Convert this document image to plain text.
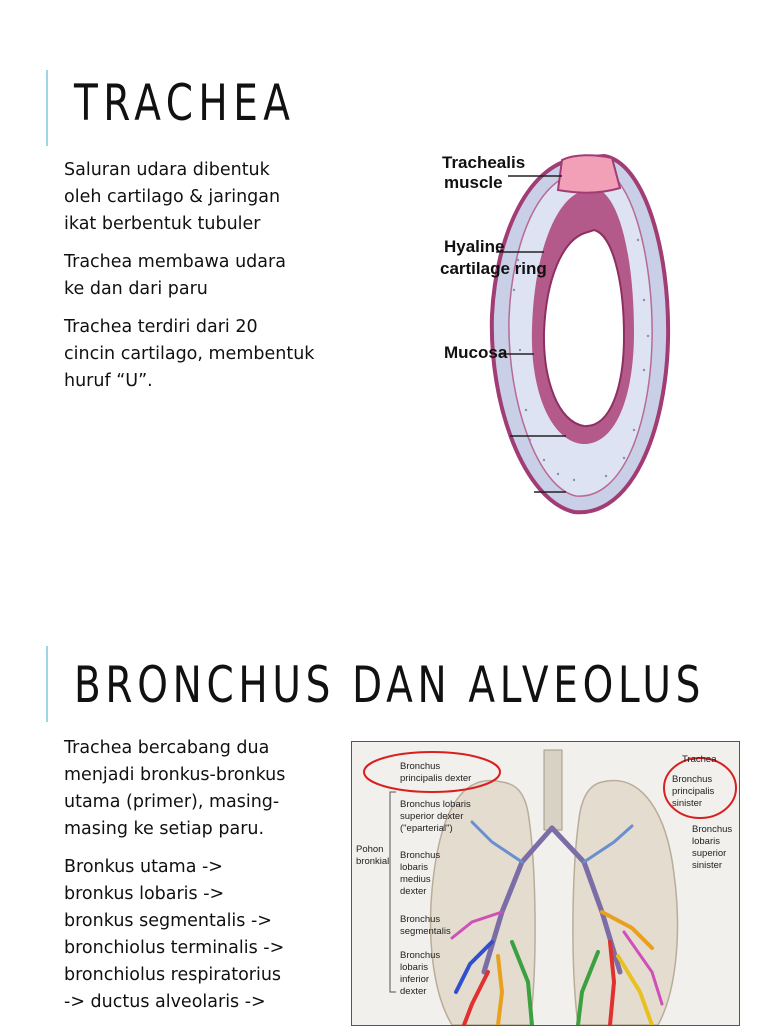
TRACHEA

Saluran udara dibentuk
oleh cartilago & jaringan
ikat berbentuk tubuler

Trachea membawa udara
ke dan dari paru

Trachea terdiri dari 20
cincin cartilago, membentuk
huruf “U”.

Trachealis
muscle
Hyaline
cartilage ring
Mucosa
BRONCHUS DAN ALVEOLUS

Trachea bercabang dua
menjadi bronkus-bronkus
utama (primer), masing-
masing ke setiap paru.

Bronkus utama ->
bronkus lobaris ->
bronkus segmentalis ->
bronchiolus terminalis ->
bronchiolus respiratorius
-> ductus alveolaris ->

Trachea
Bronchus
principalis dexter	Bronchus
principalis
sinister
Bronchus lobaris
superior dexter
("eparterial")	Bronchus
lobaris
superior
sinister
Pohon
bronkial
Bronchus
lobaris
medius
dexter
Bronchus
segmentalis
Bronchus
lobaris
inferior
dexter
